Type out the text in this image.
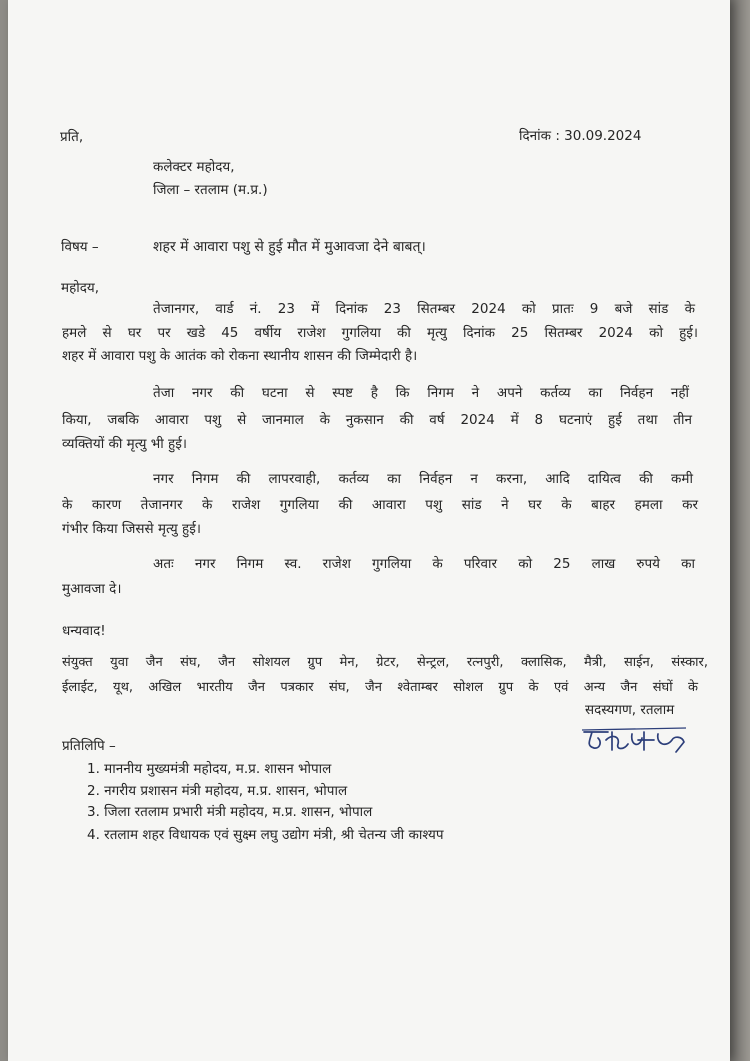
प्रति,	दिनांक : 30.09.2024
कलेक्टर महोदय,
जिला – रतलाम (म.प्र.)
विषय –	शहर में आवारा पशु से हुई मौत में मुआवजा देने बाबत्।
महोदय,
तेजानगर, वार्ड नं. 23 में दिनांक 23 सितम्बर 2024 को प्रातः 9 बजे सांड के
हमले से घर पर खडे 45 वर्षीय राजेश गुगलिया की मृत्यु दिनांक 25 सितम्बर 2024 को हुई।
शहर में आवारा पशु के आतंक को रोकना स्थानीय शासन की जिम्मेदारी है।
तेजा नगर की घटना से स्पष्ट है कि निगम ने अपने कर्तव्य का निर्वहन नहीं
किया, जबकि आवारा पशु से जानमाल के नुकसान की वर्ष 2024 में 8 घटनाएं हुई तथा तीन
व्यक्तियों की मृत्यु भी हुई।
नगर निगम की लापरवाही, कर्तव्य का निर्वहन न करना, आदि दायित्व की कमी
के कारण तेजानगर के राजेश गुगलिया की आवारा पशु सांड ने घर के बाहर हमला कर
गंभीर किया जिससे मृत्यु हुई।
अतः नगर निगम स्व. राजेश गुगलिया के परिवार को 25 लाख रुपये का
मुआवजा दे।
धन्यवाद!
संयुक्त युवा जैन संघ, जैन सोशयल ग्रुप मेन, ग्रेटर, सेन्ट्रल, रत्नपुरी, क्लासिक, मैत्री, साईन, संस्कार,
ईलाईट, यूथ, अखिल भारतीय जैन पत्रकार संघ, जैन श्वेताम्बर सोशल ग्रुप के एवं अन्य जैन संघों के
सदस्यगण, रतलाम
प्रतिलिपि –
1. माननीय मुख्यमंत्री महोदय, म.प्र. शासन भोपाल
2. नगरीय प्रशासन मंत्री महोदय, म.प्र. शासन, भोपाल
3. जिला रतलाम प्रभारी मंत्री महोदय, म.प्र. शासन, भोपाल
4. रतलाम शहर विधायक एवं सुक्ष्म लघु उद्योग मंत्री, श्री चेतन्य जी काश्यप
